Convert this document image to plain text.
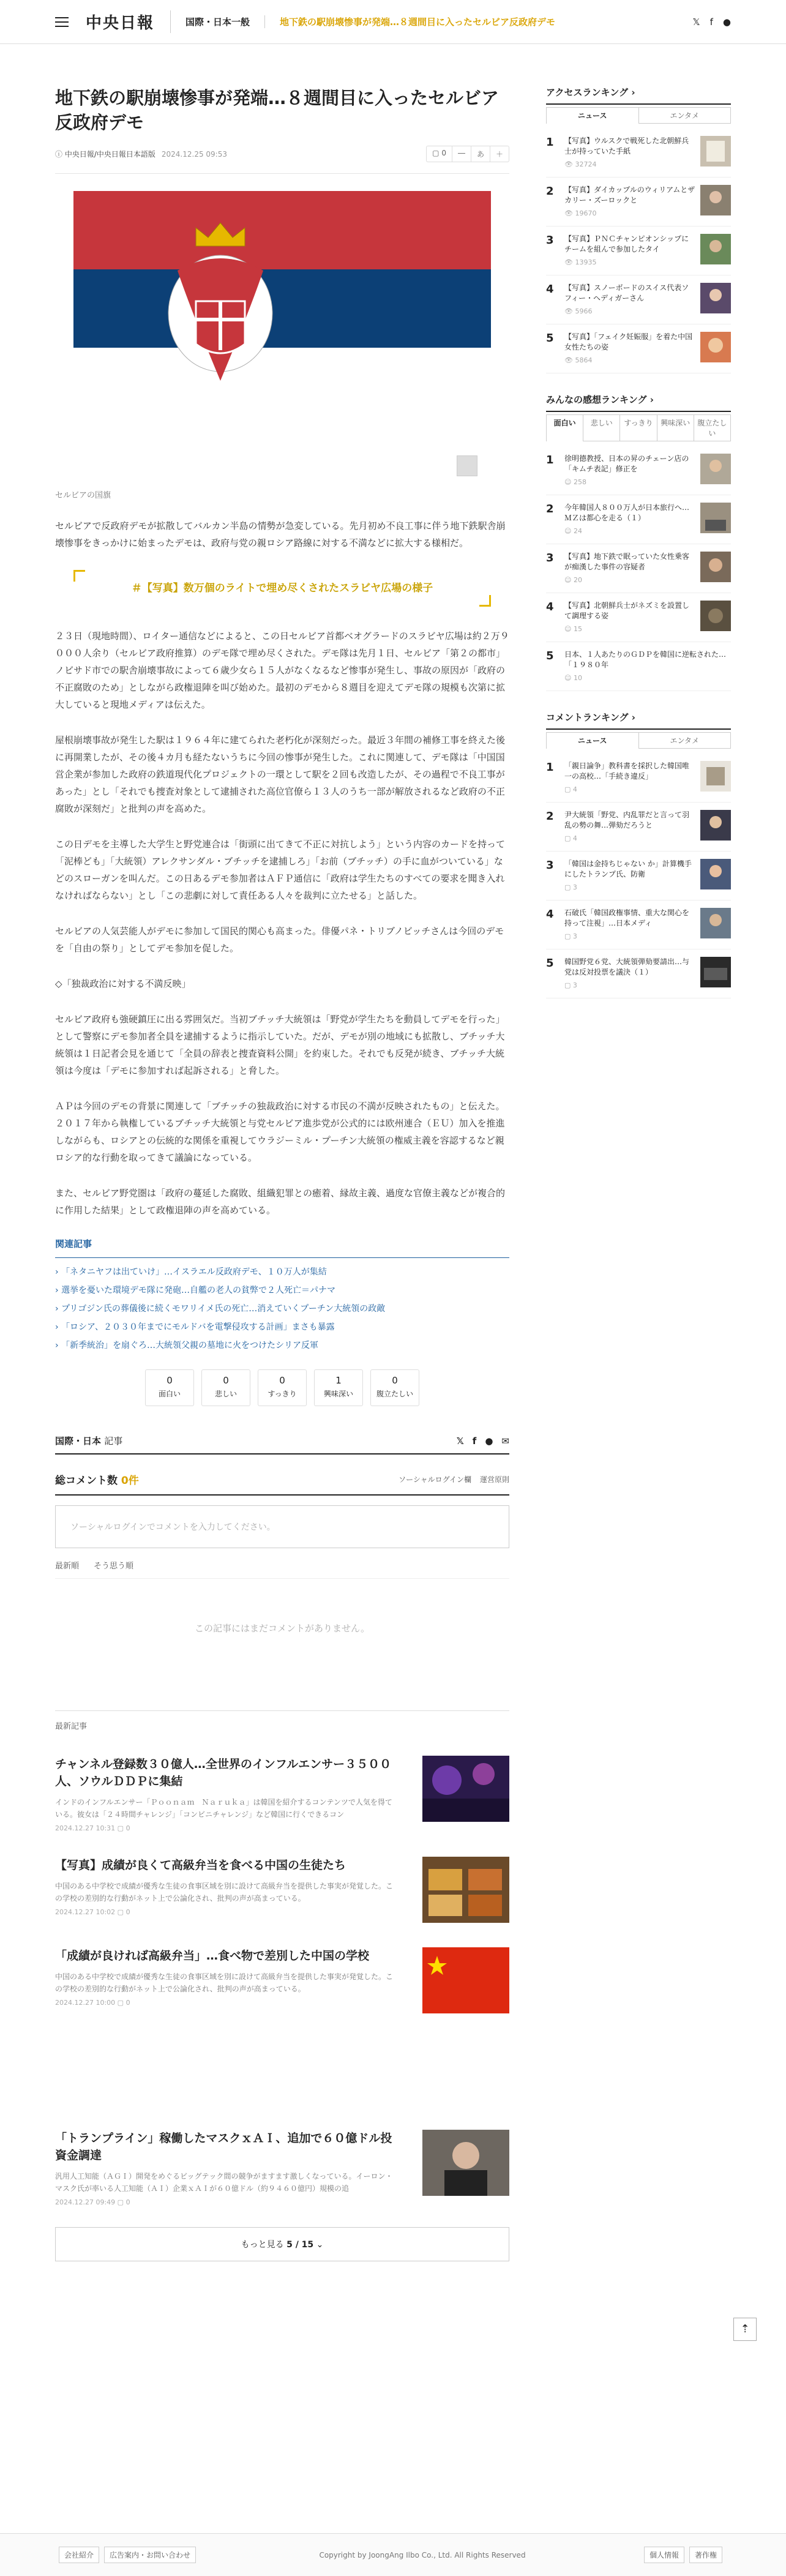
中央日報	国際・日本一般	地下鉄の駅崩壊惨事が発端…８週間目に入ったセルビア反政府デモ	𝕏 f ●
地下鉄の駅崩壊惨事が発端…８週間目に入ったセルビア反政府デモ
ⓘ 中央日報/中央日報日本語版 2024.12.25 09:53	▢ 0	―	あ	＋
セルビアの国旗

セルビアで反政府デモが拡散してバルカン半島の情勢が急変している。先月初め不良工事に伴う地下鉄駅舎崩壊惨事をきっかけに始まったデモは、政府与党の親ロシア路線に対する不満などに拡大する様相だ。

＃【写真】数万個のライトで埋め尽くされたスラビヤ広場の様子

２３日（現地時間）、ロイター通信などによると、この日セルビア首都ベオグラードのスラビヤ広場は約２万９０００人余り（セルビア政府推算）のデモ隊で埋め尽くされた。デモ隊は先月１日、セルビア「第２の都市」ノビサド市での駅舎崩壊事故によって６歳少女ら１５人がなくなるなど惨事が発生し、事故の原因が「政府の不正腐敗のため」としながら政権退陣を叫び始めた。最初のデモから８週目を迎えてデモ隊の規模も次第に拡大していると現地メディアは伝えた。

屋根崩壊事故が発生した駅は１９６４年に建てられた老朽化が深刻だった。最近３年間の補修工事を終えた後に再開業したが、その後４カ月も経たないうちに今回の惨事が発生した。これに関連して、デモ隊は「中国国営企業が参加した政府の鉄道現代化プロジェクトの一環として駅を２回も改造したが、その過程で不良工事があった」とし「それでも捜査対象として逮捕された高位官僚ら１３人のうち一部が解放されるなど政府の不正腐敗が深刻だ」と批判の声を高めた。

この日デモを主導した大学生と野党連合は「街頭に出てきて不正に対抗しよう」という内容のカードを持って「泥棒ども」「大統領）アレクサンダル・ブチッチを逮捕しろ」「お前（ブチッチ）の手に血がついている」などのスローガンを叫んだ。この日あるデモ参加者はＡＦＰ通信に「政府は学生たちのすべての要求を聞き入れなければならない」とし「この悲劇に対して責任ある人々を裁判に立たせる」と話した。

セルビアの人気芸能人がデモに参加して国民的関心も高まった。俳優パネ・トリブノビッチさんは今回のデモを「自由の祭り」としてデモ参加を促した。

◇「独裁政治に対する不満反映」

セルビア政府も強硬鎮圧に出る雰囲気だ。当初ブチッチ大統領は「野党が学生たちを動員してデモを行った」として警察にデモ参加者全員を逮捕するように指示していた。だが、デモが別の地域にも拡散し、ブチッチ大統領は１日記者会見を通じて「全員の辞表と捜査資料公開」を約束した。それでも反発が続き、ブチッチ大統領は今度は「デモに参加すれば起訴される」と脅した。

ＡＰは今回のデモの背景に関連して「ブチッチの独裁政治に対する市民の不満が反映されたもの」と伝えた。２０１７年から執権しているブチッチ大統領と与党セルビア進歩党が公式的には欧州連合（ＥＵ）加入を推進しながらも、ロシアとの伝統的な関係を重視してウラジーミル・プーチン大統領の権威主義を容認するなど親ロシア的な行動を取ってきて議論になっている。

また、セルビア野党圏は「政府の蔓延した腐敗、組織犯罪との癒着、縁故主義、過度な官僚主義などが複合的に作用した結果」として政権退陣の声を高めている。

関連記事
› 「ネタニヤフは出ていけ」…イスラエル反政府デモ、１０万人が集結
› 選挙を憂いた環境デモ隊に発砲…自艦の老人の貧弊で２人死亡＝パナマ
› プリゴジン氏の葬儀後に続くモワリイメ氏の死亡…消えていくプーチン大統領の政敵
› 「ロシア、２０３０年までにモルドバを電撃侵攻する計画」まさも暴露
› 「新季統治」を扇ぐろ…大統領父親の墓地に火をつけたシリア反軍
0
面白い
0
悲しい
0
すっきり
1
興味深い
0
腹立たしい
国際・日本 記事	𝕏 f ● ✉
総コメント数 0件	ソーシャルログイン欄 運営原則
ソーシャルログインでコメントを入力してください。
最新順 そう思う順
この記事にはまだコメントがありません。
最新記事
チャンネル登録数３０億人…全世界のインフルエンサー３５００人、ソウルＤＤＰに集結
インドのインフルエンサー「Ｐｏｏｎａｍ　Ｎａｒｕｋａ」は韓国を紹介するコンテンツで人気を得ている。彼女は「２４時間チャレンジ」「コンビニチャレンジ」など韓国に行くできるコン
2024.12.27 10:31 ▢ 0
【写真】成績が良くて高級弁当を食べる中国の生徒たち
中国のある中学校で成績が優秀な生徒の食事区域を別に設けて高級弁当を提供した事実が発覚した。この学校の差別的な行動がネット上で公論化され、批判の声が高まっている。
2024.12.27 10:02 ▢ 0
「成績が良ければ高級弁当」…食べ物で差別した中国の学校
中国のある中学校で成績が優秀な生徒の食事区域を別に設けて高級弁当を提供した事実が発覚した。この学校の差別的な行動がネット上で公論化され、批判の声が高まっている。
2024.12.27 10:00 ▢ 0
「トランプライン」稼働したマスクｘＡＩ、追加で６０億ドル投資金調達
汎用人工知能（ＡＧＩ）開発をめぐるビッグテック間の競争がますます激しくなっている。イーロン・マスク氏が率いる人工知能（ＡＩ）企業ｘＡＩが６０億ドル（約９４６０億円）規模の追
2024.12.27 09:49 ▢ 0
もっと見る 5 / 15 ⌄
アクセスランキング ›
ニュース	エンタメ
1	【写真】ウルスクで戦死した北朝鮮兵士が持っていた手紙
👁 32724
2	【写真】ダイカップルのウィリアムとザカリー・ズーロックと
👁 19670
3	【写真】ＰＮＣチャンピオンシップにチームを組んで参加したタイ
👁 13935
4	【写真】スノーボードのスイス代表ソフィー・ヘディガーさん
👁 5966
5	【写真】「フェイク妊娠服」を着た中国女性たちの姿
👁 5864
みんなの感想ランキング ›
面白い	悲しい	すっきり	興味深い	腹立たしい
1	徐明德教授、日本の昇のチェーン店の「キムチ表記」修正を
☺ 258
2	今年韓国人８００万人が日本旅行へ…ＭＺは都心を走る（１）
☺ 24
3	【写真】地下鉄で眠っていた女性乗客が痴漢した事件の容疑者
☺ 20
4	【写真】北朝鮮兵士がネズミを設置して調理する姿
☺ 15
5	日本、１人あたりのＧＤＰを韓国に逆転された…「１９８０年
☺ 10
コメントランキング ›
ニュース	エンタメ
1	「親日論争」教科書を採択した韓国唯一の高校…「手続き違反」
▢ 4
2	尹大統領「野党、内乱罪だと言って羽乱の勢の舞…弾劾だろうと
▢ 4
3	「韓国は金持ちじゃない か」計算機手にしたトランプ氏、防衛
▢ 3
4	石破氏「韓国政権事情、重大な関心を持って注視」…日本メディ
▢ 3
5	韓国野党６党、大統領弾劾要請出…与党は反対投票を議決（１）
▢ 3
⇡
会社紹介	広告案内・お問い合わせ	Copyright by JoongAng Ilbo Co., Ltd. All Rights Reserved	個人情報	著作権
